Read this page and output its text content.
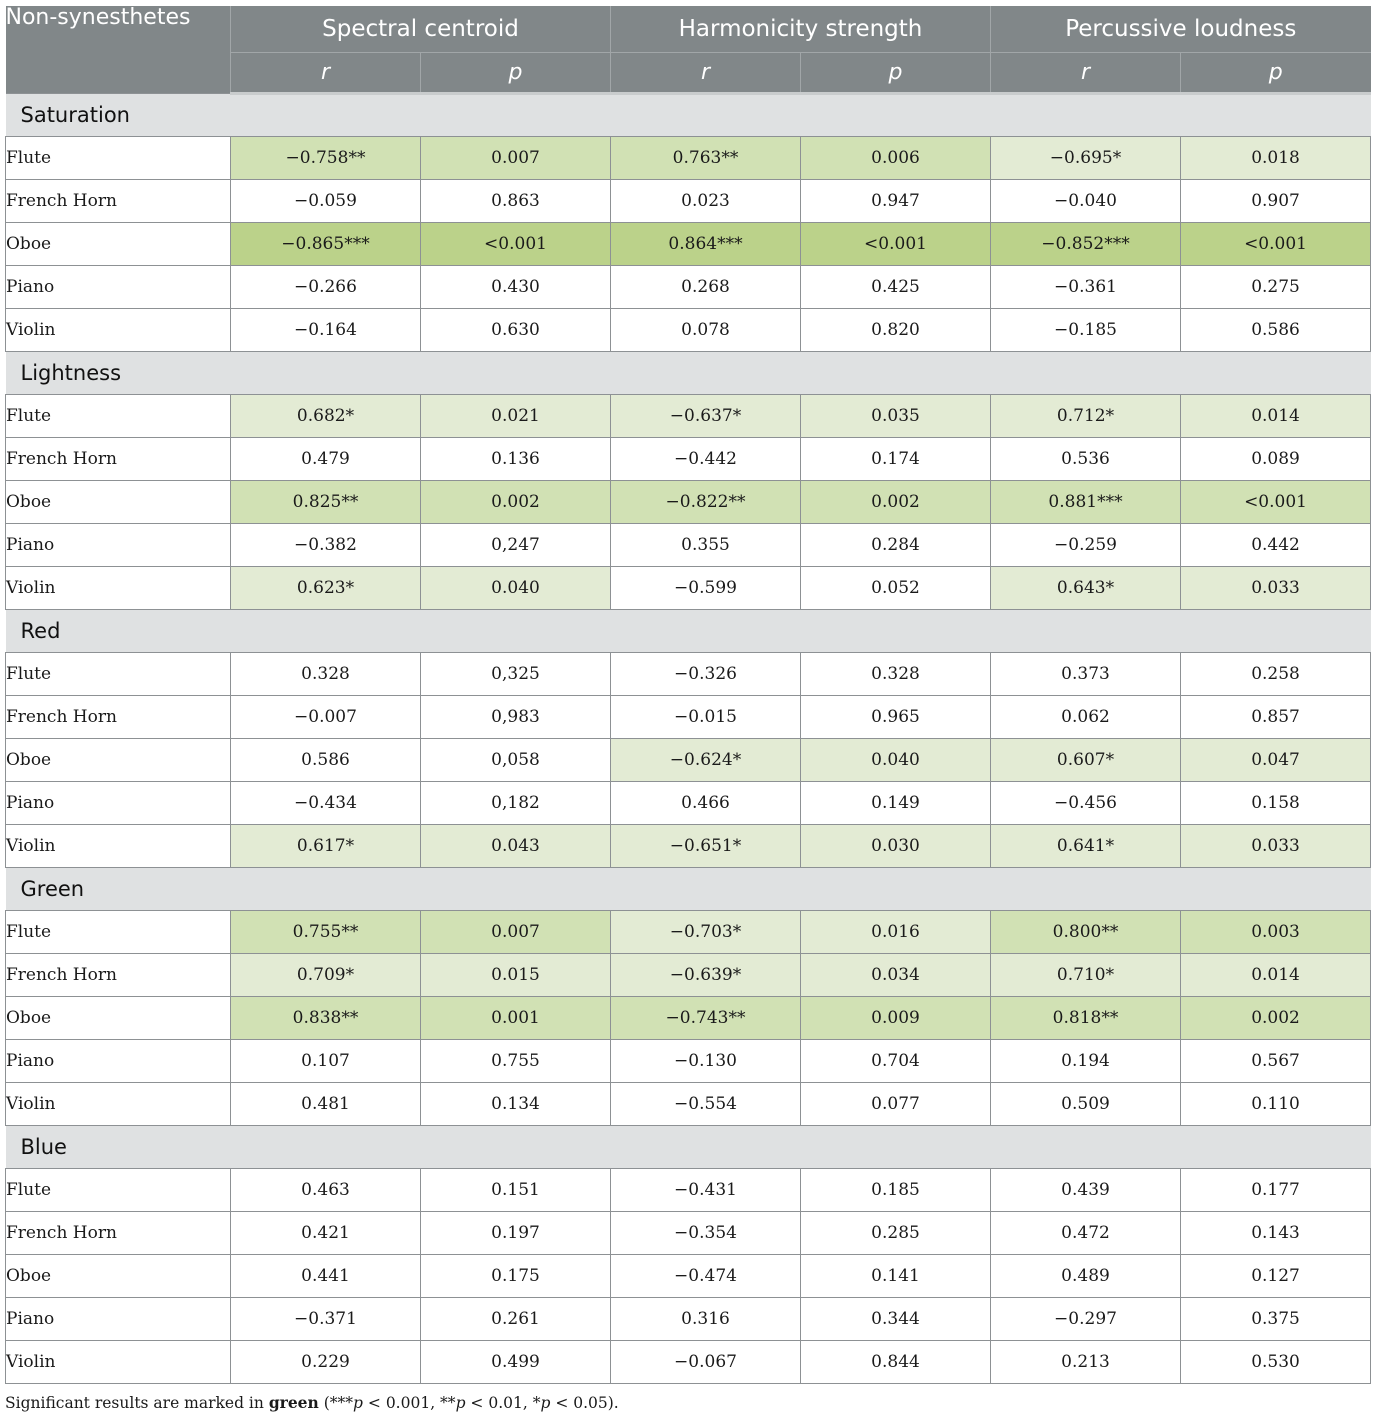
Non-synesthetes	Spectral centroid		Harmonicity strength		Percussive loudness	
	r	p	r	p	r	p
Saturation						
Flute	−0.758**	0.007	0.763**	0.006	−0.695*	0.018
French Horn	−0.059	0.863	0.023	0.947	−0.040	0.907
Oboe	−0.865***	<0.001	0.864***	<0.001	−0.852***	<0.001
Piano	−0.266	0.430	0.268	0.425	−0.361	0.275
Violin	−0.164	0.630	0.078	0.820	−0.185	0.586
Lightness						
Flute	0.682*	0.021	−0.637*	0.035	0.712*	0.014
French Horn	0.479	0.136	−0.442	0.174	0.536	0.089
Oboe	0.825**	0.002	−0.822**	0.002	0.881***	<0.001
Piano	−0.382	0,247	0.355	0.284	−0.259	0.442
Violin	0.623*	0.040	−0.599	0.052	0.643*	0.033
Red						
Flute	0.328	0,325	−0.326	0.328	0.373	0.258
French Horn	−0.007	0,983	−0.015	0.965	0.062	0.857
Oboe	0.586	0,058	−0.624*	0.040	0.607*	0.047
Piano	−0.434	0,182	0.466	0.149	−0.456	0.158
Violin	0.617*	0.043	−0.651*	0.030	0.641*	0.033
Green						
Flute	0.755**	0.007	−0.703*	0.016	0.800**	0.003
French Horn	0.709*	0.015	−0.639*	0.034	0.710*	0.014
Oboe	0.838**	0.001	−0.743**	0.009	0.818**	0.002
Piano	0.107	0.755	−0.130	0.704	0.194	0.567
Violin	0.481	0.134	−0.554	0.077	0.509	0.110
Blue						
Flute	0.463	0.151	−0.431	0.185	0.439	0.177
French Horn	0.421	0.197	−0.354	0.285	0.472	0.143
Oboe	0.441	0.175	−0.474	0.141	0.489	0.127
Piano	−0.371	0.261	0.316	0.344	−0.297	0.375
Violin	0.229	0.499	−0.067	0.844	0.213	0.530
Significant results are marked in green (***p < 0.001, **p < 0.01, *p < 0.05).
